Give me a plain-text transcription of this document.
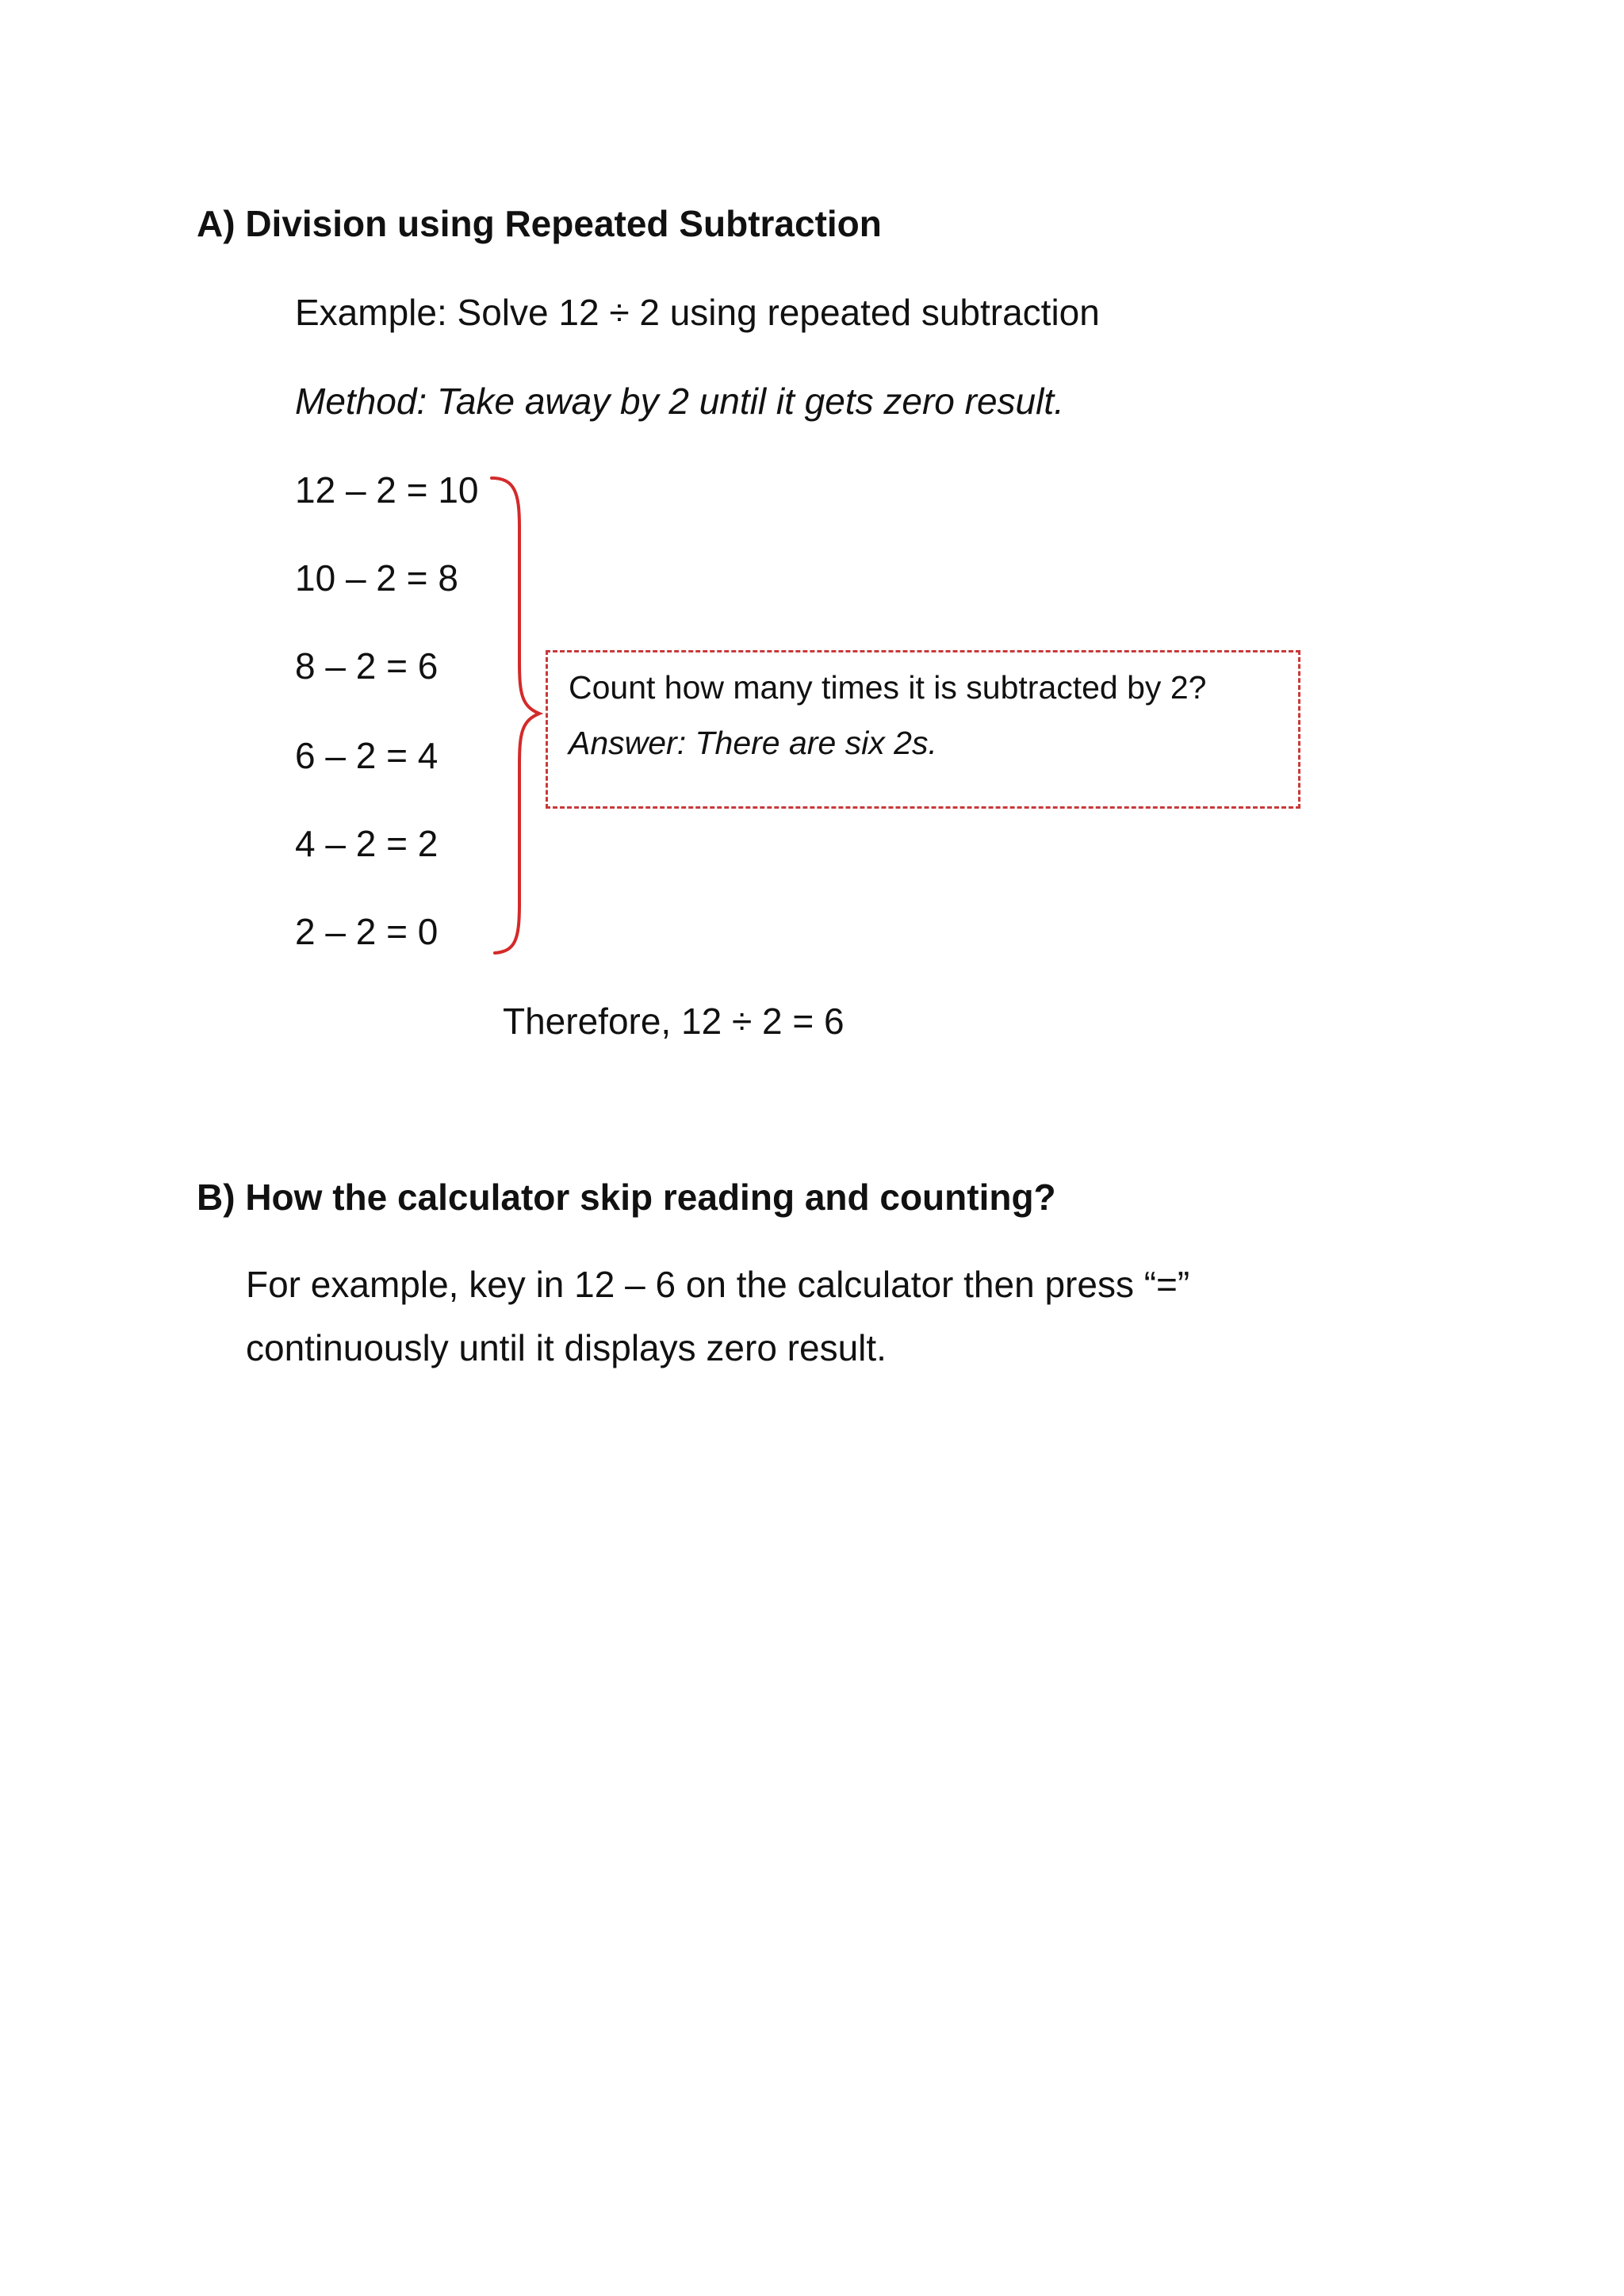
A) Division using Repeated Subtraction
Example: Solve 12 ÷ 2 using repeated subtraction
Method: Take away by 2 until it gets zero result.
12 – 2 = 10
10 – 2 = 8
8 – 2 = 6
6 – 2 = 4
4 – 2 = 2
2 – 2 = 0
Count how many times it is subtracted by 2?
Answer: There are six 2s.
Therefore, 12 ÷ 2 = 6
B) How the calculator skip reading and counting?
For example, key in 12 – 6 on the calculator then press “=”
continuously until it displays zero result.
